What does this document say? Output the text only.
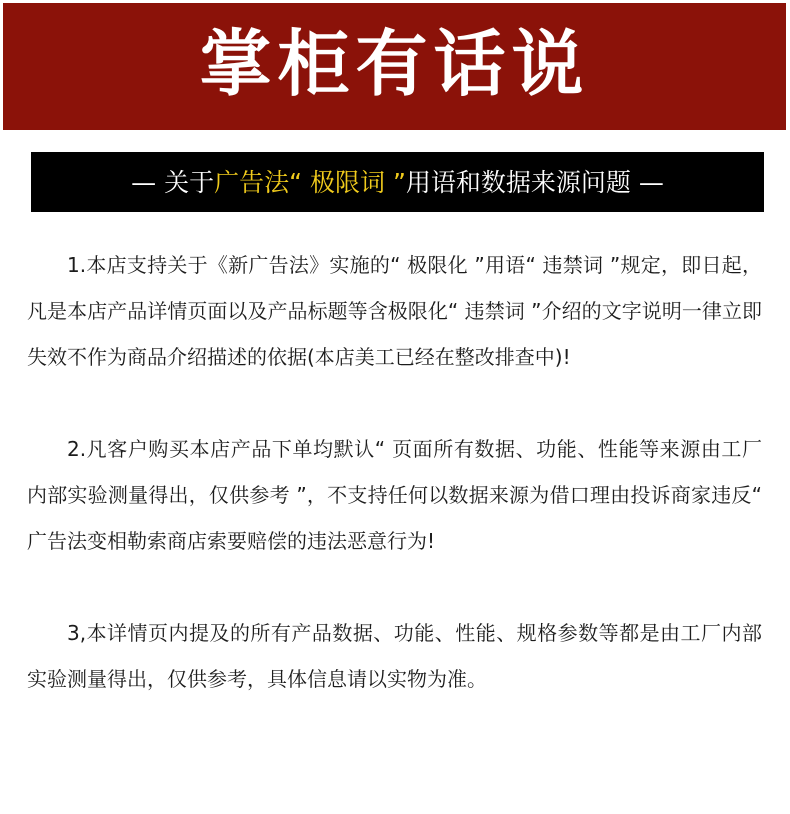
掌柜有话说
— 关于 广告法“ 极限词 ” 用语和数据来源问题 —

1.本店支持关于《新广告法》实施的“ 极限化 ”用语“ 违禁词 ”规定，即日起，凡是本店产品详情页面以及产品标题等含极限化“ 违禁词 ”介绍的文字说明一律立即失效不作为商品介绍描述的依据(本店美工已经在整改排查中)!

2.凡客户购买本店产品下单均默认“ 页面所有数据、功能、性能等来源由工厂内部实验测量得出，仅供参考 ”，不支持任何以数据来源为借口理由投诉商家违反“ 广告法变相勒索商店索要赔偿的违法恶意行为!

3,本详情页内提及的所有产品数据、功能、性能、规格参数等都是由工厂内部实验测量得出，仅供参考，具体信息请以实物为准。
